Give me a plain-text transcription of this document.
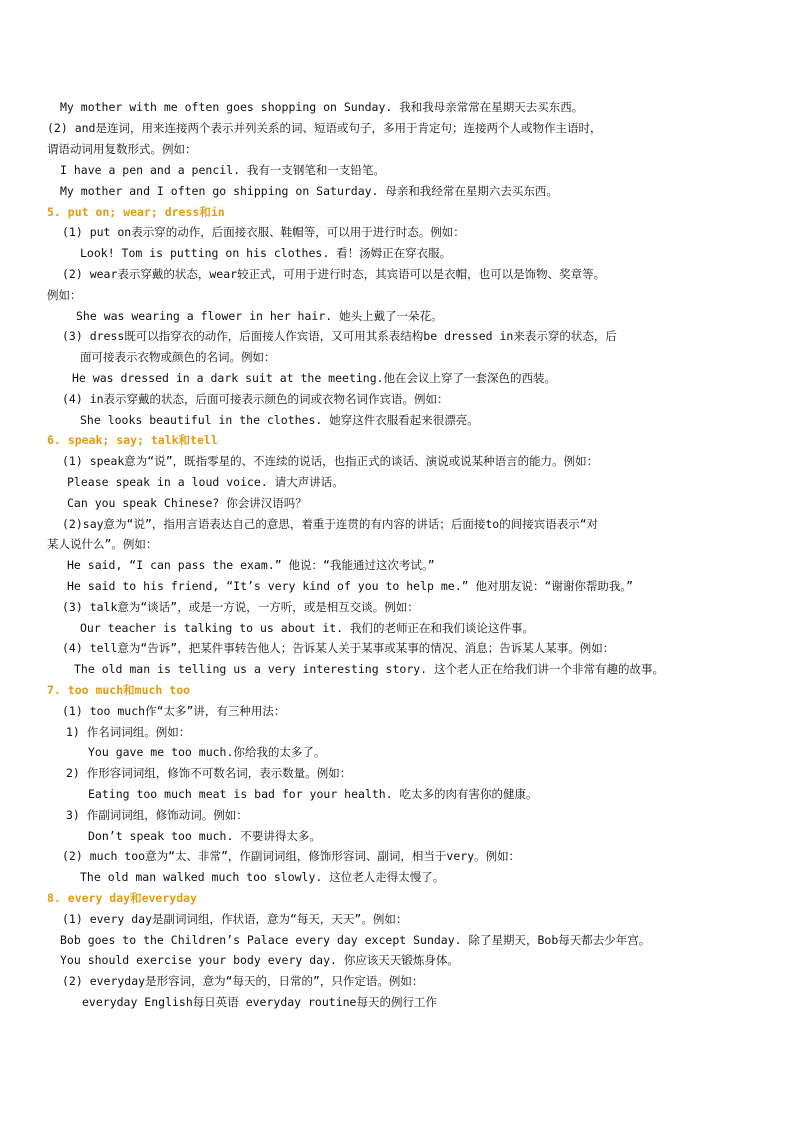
My mother with me often goes shopping on Sunday. 我和我母亲常常在星期天去买东西。
(2) and是连词，用来连接两个表示并列关系的词、短语或句子，多用于肯定句；连接两个人或物作主语时，
谓语动词用复数形式。例如：
I have a pen and a pencil. 我有一支钢笔和一支铅笔。
My mother and I often go shipping on Saturday. 母亲和我经常在星期六去买东西。
5. put on; wear; dress和in
(1) put on表示穿的动作，后面接衣服、鞋帽等，可以用于进行时态。例如：
Look! Tom is putting on his clothes. 看！汤姆正在穿衣服。
(2) wear表示穿戴的状态，wear较正式，可用于进行时态，其宾语可以是衣帽，也可以是饰物、奖章等。
例如：
She was wearing a flower in her hair. 她头上戴了一朵花。
(3) dress既可以指穿衣的动作，后面接人作宾语，又可用其系表结构be dressed in来表示穿的状态，后
面可接表示衣物或颜色的名词。例如：
He was dressed in a dark suit at the meeting.他在会议上穿了一套深色的西装。
(4) in表示穿戴的状态，后面可接表示颜色的词或衣物名词作宾语。例如：
She looks beautiful in the clothes. 她穿这件衣服看起来很漂亮。
6. speak; say; talk和tell
(1) speak意为“说”，既指零星的、不连续的说话，也指正式的谈话、演说或说某种语言的能力。例如：
Please speak in a loud voice. 请大声讲话。
Can you speak Chinese? 你会讲汉语吗？
(2)say意为“说”，指用言语表达自己的意思，着重于连贯的有内容的讲话；后面接to的间接宾语表示“对
某人说什么”。例如：
He said, “I can pass the exam.” 他说：“我能通过这次考试。”
He said to his friend, “It’s very kind of you to help me.” 他对朋友说：“谢谢你帮助我。”
(3) talk意为“谈话”，或是一方说，一方听，或是相互交谈。例如：
Our teacher is talking to us about it. 我们的老师正在和我们谈论这件事。
(4) tell意为“告诉”，把某件事转告他人；告诉某人关于某事或某事的情况、消息；告诉某人某事。例如：
The old man is telling us a very interesting story. 这个老人正在给我们讲一个非常有趣的故事。
7. too much和much too
(1) too much作“太多”讲，有三种用法：
1) 作名词词组。例如：
You gave me too much.你给我的太多了。
2) 作形容词词组，修饰不可数名词，表示数量。例如：
Eating too much meat is bad for your health. 吃太多的肉有害你的健康。
3) 作副词词组，修饰动词。例如：
Don’t speak too much. 不要讲得太多。
(2) much too意为“太、非常”，作副词词组，修饰形容词、副词，相当于very。例如：
The old man walked much too slowly. 这位老人走得太慢了。
8. every day和everyday
(1) every day是副词词组，作状语，意为“每天，天天”。例如：
Bob goes to the Children’s Palace every day except Sunday. 除了星期天，Bob每天都去少年宫。
You should exercise your body every day. 你应该天天锻炼身体。
(2) everyday是形容词，意为“每天的，日常的”，只作定语。例如：
everyday English每日英语 everyday routine每天的例行工作
